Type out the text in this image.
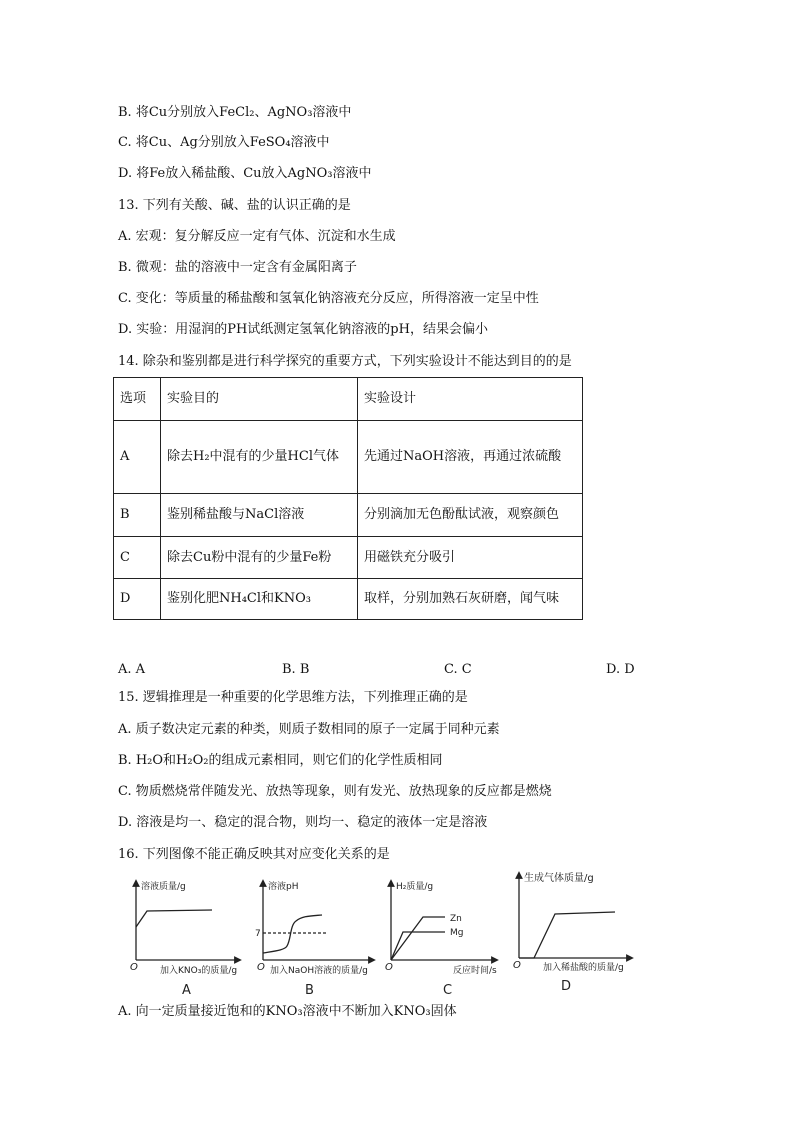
B. 将Cu分别放入FeCl₂、AgNO₃溶液中
C. 将Cu、Ag分别放入FeSO₄溶液中
D. 将Fe放入稀盐酸、Cu放入AgNO₃溶液中
13. 下列有关酸、碱、盐的认识正确的是
A. 宏观：复分解反应一定有气体、沉淀和水生成
B. 微观：盐的溶液中一定含有金属阳离子
C. 变化：等质量的稀盐酸和氢氧化钠溶液充分反应，所得溶液一定呈中性
D. 实验：用湿润的PH试纸测定氢氧化钠溶液的pH，结果会偏小
14. 除杂和鉴别都是进行科学探究的重要方式，下列实验设计不能达到目的的是
选项	实验目的	实验设计
A	除去H₂中混有的少量HCl气体	先通过NaOH溶液，再通过浓硫酸
B	鉴别稀盐酸与NaCl溶液	分别滴加无色酚酞试液，观察颜色
C	除去Cu粉中混有的少量Fe粉	用磁铁充分吸引
D	鉴别化肥NH₄Cl和KNO₃	取样，分别加熟石灰研磨，闻气味
A. A	B. B	C. C	D. D
15. 逻辑推理是一种重要的化学思维方法，下列推理正确的是
A. 质子数决定元素的种类，则质子数相同的原子一定属于同种元素
B. H₂O和H₂O₂的组成元素相同，则它们的化学性质相同
C. 物质燃烧常伴随发光、放热等现象，则有发光、放热现象的反应都是燃烧
D. 溶液是均一、稳定的混合物，则均一、稳定的液体一定是溶液
16. 下列图像不能正确反映其对应变化关系的是
溶液质量/g
O 加入KNO₃的质量/g
A
7
溶液pH
O 加入NaOH溶液的质量/g
B
Zn
Mg
H₂质量/g
O	反应时间/s
C
生成气体质量/g
O 加入稀盐酸的质量/g
D
A. 向一定质量接近饱和的KNO₃溶液中不断加入KNO₃固体
